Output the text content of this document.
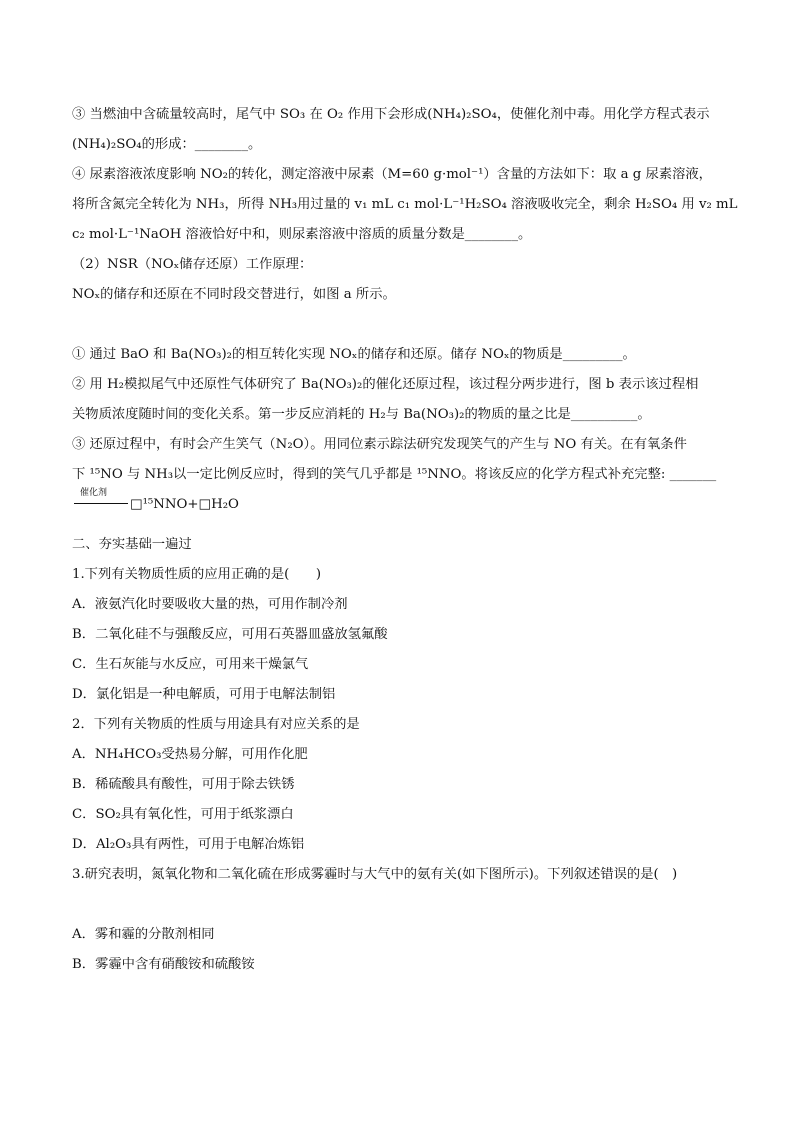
③ 当燃油中含硫量较高时，尾气中 SO₃ 在 O₂ 作用下会形成(NH₄)₂SO₄，使催化剂中毒。用化学方程式表示

(NH₄)₂SO₄的形成：________。

④ 尿素溶液浓度影响 NO₂的转化，测定溶液中尿素（M=60 g·mol⁻¹）含量的方法如下：取 a g 尿素溶液，

将所含氮完全转化为 NH₃，所得 NH₃用过量的 v₁ mL c₁ mol·L⁻¹H₂SO₄ 溶液吸收完全，剩余 H₂SO₄ 用 v₂ mL

c₂ mol·L⁻¹NaOH 溶液恰好中和，则尿素溶液中溶质的质量分数是________。

（2）NSR（NOₓ储存还原）工作原理：

NOₓ的储存和还原在不同时段交替进行，如图 a 所示。

① 通过 BaO 和 Ba(NO₃)₂的相互转化实现 NOₓ的储存和还原。储存 NOₓ的物质是_________。

② 用 H₂模拟尾气中还原性气体研究了 Ba(NO₃)₂的催化还原过程，该过程分两步进行，图 b 表示该过程相

关物质浓度随时间的变化关系。第一步反应消耗的 H₂与 Ba(NO₃)₂的物质的量之比是__________。

③ 还原过程中，有时会产生笑气（N₂O）。用同位素示踪法研究发现笑气的产生与 NO 有关。在有氧条件

下 ¹⁵NO 与 NH₃以一定比例反应时，得到的笑气几乎都是 ¹⁵NNO。将该反应的化学方程式补充完整: _______

催化剂
□¹⁵NNO+□H₂O

二、夯实基础一遍过

1.下列有关物质性质的应用正确的是(　　)

A．液氨汽化时要吸收大量的热，可用作制冷剂

B．二氧化硅不与强酸反应，可用石英器皿盛放氢氟酸

C．生石灰能与水反应，可用来干燥氯气

D．氯化铝是一种电解质，可用于电解法制铝

2．下列有关物质的性质与用途具有对应关系的是

A．NH₄HCO₃受热易分解，可用作化肥

B．稀硫酸具有酸性，可用于除去铁锈

C．SO₂具有氧化性，可用于纸浆漂白

D．Al₂O₃具有两性，可用于电解冶炼铝

3.研究表明，氮氧化物和二氧化硫在形成雾霾时与大气中的氨有关(如下图所示)。下列叙述错误的是(　)

A．雾和霾的分散剂相同

B．雾霾中含有硝酸铵和硫酸铵
